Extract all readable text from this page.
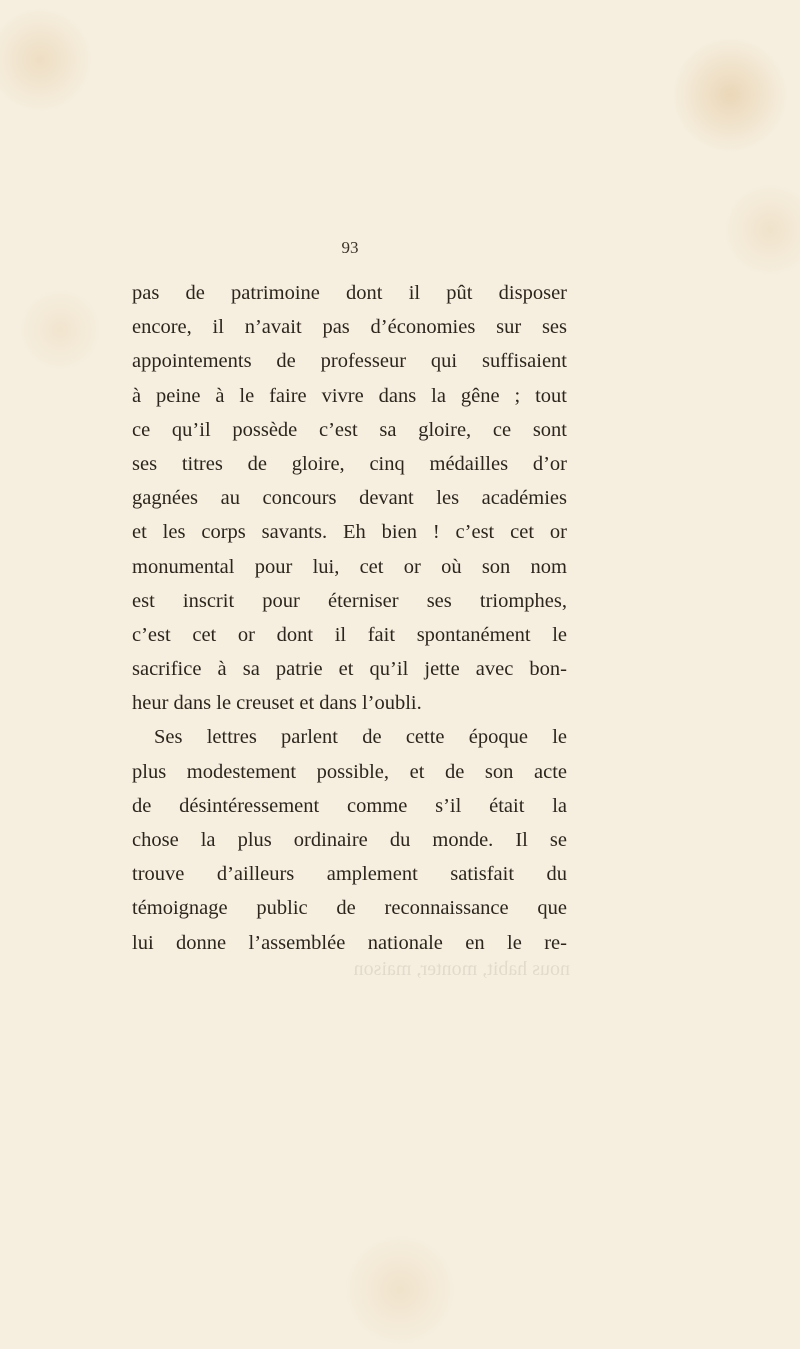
93
pas de patrimoine dont il pût disposer
encore, il n’avait pas d’économies sur ses
appointements de professeur qui suffisaient
à peine à le faire vivre dans la gêne ; tout
ce qu’il possède c’est sa gloire, ce sont
ses titres de gloire, cinq médailles d’or
gagnées au concours devant les académies
et les corps savants. Eh bien ! c’est cet or
monumental pour lui, cet or où son nom
est inscrit pour éterniser ses triomphes,
c’est cet or dont il fait spontanément le
sacrifice à sa patrie et qu’il jette avec bon-
heur dans le creuset et dans l’oubli.
Ses lettres parlent de cette époque le
plus modestement possible, et de son acte
de désintéressement comme s’il était la
chose la plus ordinaire du monde. Il se
trouve d’ailleurs amplement satisfait du
témoignage public de reconnaissance que
lui donne l’assemblée nationale en le re-
nous habit, monter, maison
